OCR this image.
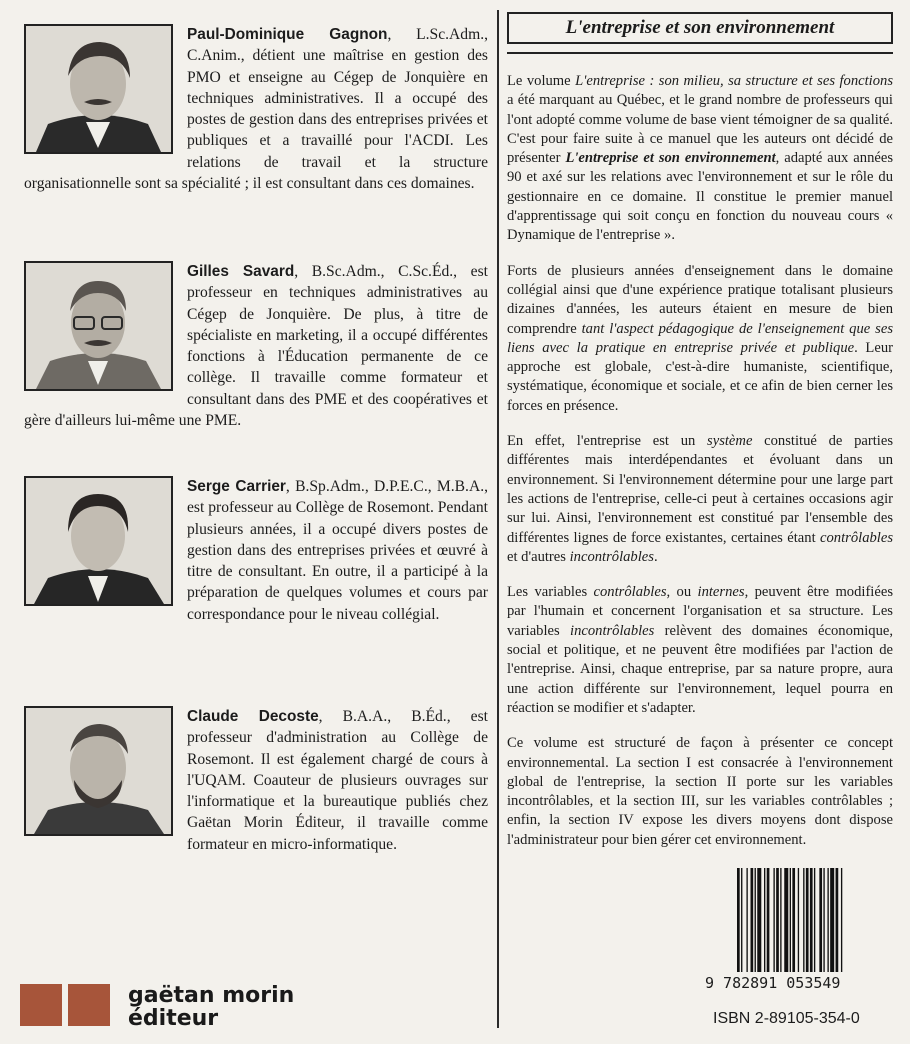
Paul-Dominique Gagnon, L.Sc.Adm., C.Anim., détient une maîtrise en gestion des PMO et enseigne au Cégep de Jonquière en techniques administratives. Il a occupé des postes de gestion dans des entreprises privées et publiques et a travaillé pour l'ACDI. Les relations de travail et la structure organisationnelle sont sa spécialité ; il est consultant dans ces domaines.

Gilles Savard, B.Sc.Adm., C.Sc.Éd., est professeur en techniques administratives au Cégep de Jonquière. De plus, à titre de spécialiste en marketing, il a occupé différentes fonctions à l'Éducation permanente de ce collège. Il travaille comme formateur et consultant dans des PME et des coopératives et gère d'ailleurs lui-même une PME.

Serge Carrier, B.Sp.Adm., D.P.E.C., M.B.A., est professeur au Collège de Rosemont. Pendant plusieurs années, il a occupé divers postes de gestion dans des entreprises privées et œuvré à titre de consultant. En outre, il a participé à la préparation de quelques volumes et cours par correspondance pour le niveau collégial.

Claude Decoste, B.A.A., B.Éd., est professeur d'administration au Collège de Rosemont. Il est également chargé de cours à l'UQAM. Coauteur de plusieurs ouvrages sur l'informatique et la bureautique publiés chez Gaëtan Morin Éditeur, il travaille comme formateur en micro-informatique.

L'entreprise et son environnement

Le volume L'entreprise : son milieu, sa structure et ses fonctions a été marquant au Québec, et le grand nombre de professeurs qui l'ont adopté comme volume de base vient témoigner de sa qualité. C'est pour faire suite à ce manuel que les auteurs ont décidé de présenter L'entreprise et son environnement, adapté aux années 90 et axé sur les relations avec l'environnement et sur le rôle du gestionnaire en ce domaine. Il constitue le premier manuel d'apprentissage qui soit conçu en fonction du nouveau cours « Dynamique de l'entreprise ».

Forts de plusieurs années d'enseignement dans le domaine collégial ainsi que d'une expérience pratique totalisant plusieurs dizaines d'années, les auteurs étaient en mesure de bien comprendre tant l'aspect pédagogique de l'enseignement que ses liens avec la pratique en entreprise privée et publique. Leur approche est globale, c'est-à-dire humaniste, scientifique, systématique, économique et sociale, et ce afin de bien cerner les forces en présence.

En effet, l'entreprise est un système constitué de parties différentes mais interdépendantes et évoluant dans un environnement. Si l'environnement détermine pour une large part les actions de l'entreprise, celle-ci peut à certaines occasions agir sur lui. Ainsi, l'environnement est constitué par l'ensemble des différentes lignes de force existantes, certaines étant contrôlables et d'autres incontrôlables.

Les variables contrôlables, ou internes, peuvent être modifiées par l'humain et concernent l'organisation et sa structure. Les variables incontrôlables relèvent des domaines économique, social et politique, et ne peuvent être modifiées par l'action de l'entreprise. Ainsi, chaque entreprise, par sa nature propre, aura une action différente sur l'environnement, lequel pourra en réaction se modifier et s'adapter.

Ce volume est structuré de façon à présenter ce concept environnemental. La section I est consacrée à l'environnement global de l'entreprise, la section II porte sur les variables incontrôlables, et la section III, sur les variables contrôlables ; enfin, la section IV expose les divers moyens dont dispose l'administrateur pour bien gérer cet environnement.

9 782891 053549
ISBN 2-89105-354-0
gaëtan morin
éditeur
